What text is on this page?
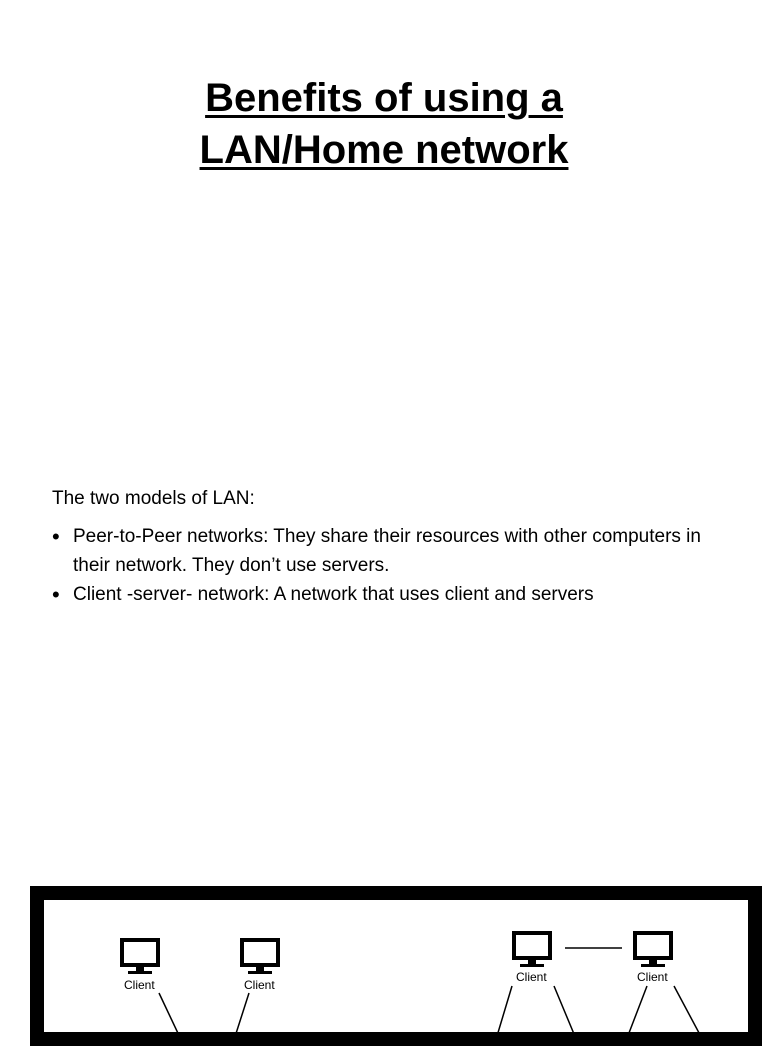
Benefits of using a
LAN/Home network
The two models of LAN:
• Peer-to-Peer networks: They share their resources with other computers in their network. They don’t use servers.
• Client -server- network: A network that uses client and servers
Client	Client
Client	Client
